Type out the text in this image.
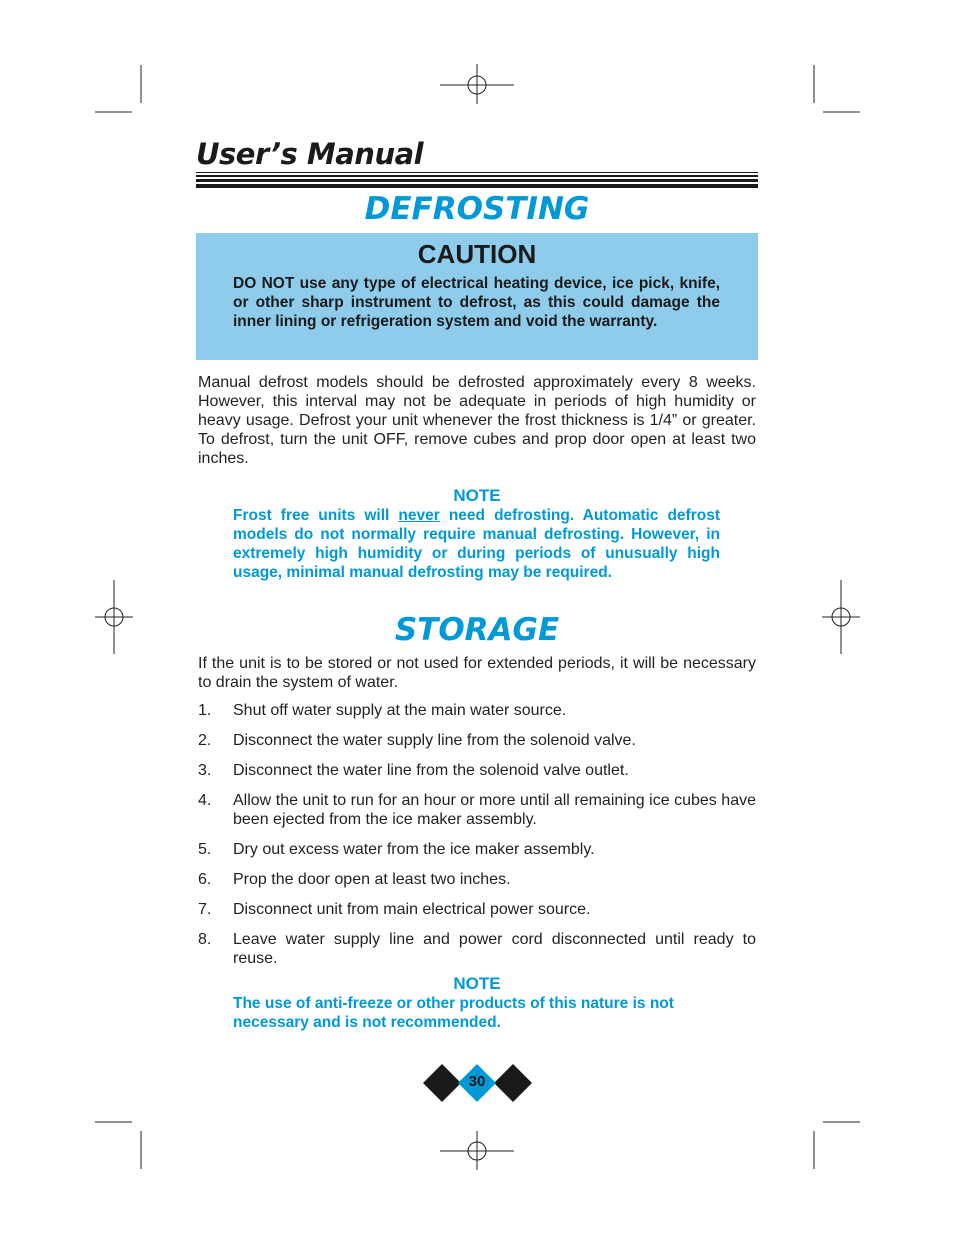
User’s Manual
DEFROSTING
CAUTION
DO NOT use any type of electrical heating device, ice pick, knife, or other sharp instrument to defrost, as this could damage the inner lining or refrigeration system and void the warranty.
Manual defrost models should be defrosted approximately every 8 weeks. However, this interval may not be adequate in periods of high humidity or heavy usage. Defrost your unit whenever the frost thickness is 1/4” or greater. To defrost, turn the unit OFF, remove cubes and prop door open at least two inches.
NOTE
Frost free units will never need defrosting. Automatic defrost models do not normally require manual defrosting. However, in extremely high humidity or during periods of unusually high usage, minimal manual defrosting may be required.
STORAGE
If the unit is to be stored or not used for extended periods, it will be necessary to drain the system of water.
1. Shut off water supply at the main water source.
2. Disconnect the water supply line from the solenoid valve.
3. Disconnect the water line from the solenoid valve outlet.
4. Allow the unit to run for an hour or more until all remaining ice cubes have been ejected from the ice maker assembly.
5. Dry out excess water from the ice maker assembly.
6. Prop the door open at least two inches.
7. Disconnect unit from main electrical power source.
8. Leave water supply line and power cord disconnected until ready to reuse.
NOTE
The use of anti-freeze or other products of this nature is not necessary and is not recommended.
30
